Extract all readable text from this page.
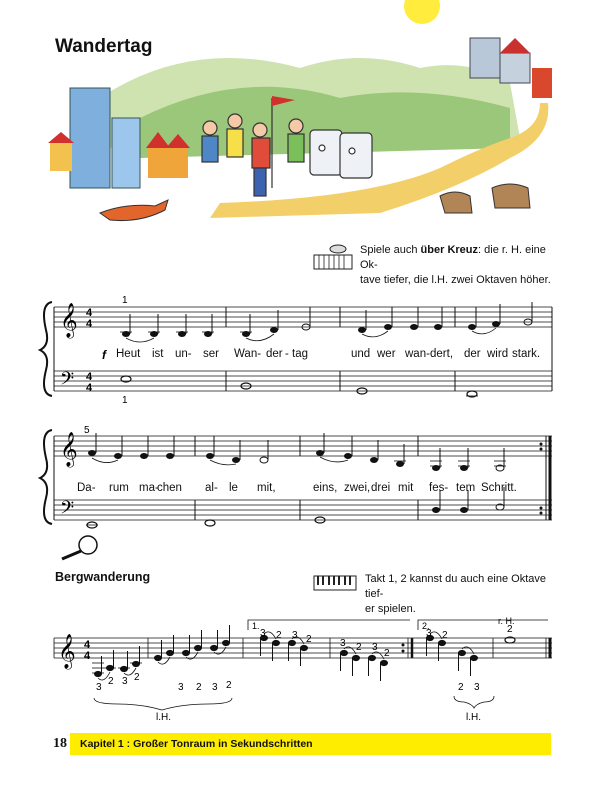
Wandertag
Spiele auch über Kreuz: die r. H. eine Ok-
tave tiefer, die l.H. zwei Oktaven höher.
𝄞
𝄢
4
4
4
4
1
1
f Heut ist un- ser Wan- der - tag	und wer wan- dert, der wird stark.
𝄞
𝄢
5
Da- rum ma-
chen al- le mit,	eins, zwei, drei mit fes- tem Schritt.
Bergwanderung	Takt 1, 2 kannst du auch eine Oktave tief-
er spielen.
𝄞 4
4
1.	2.
3
2 3 2
3 2 3 2
3 2 3 2	3 2 3
2
3 2
2 3
2
r. H.
l.H.	l.H.
18 Kapitel 1 : Großer Tonraum in Sekundschritten
